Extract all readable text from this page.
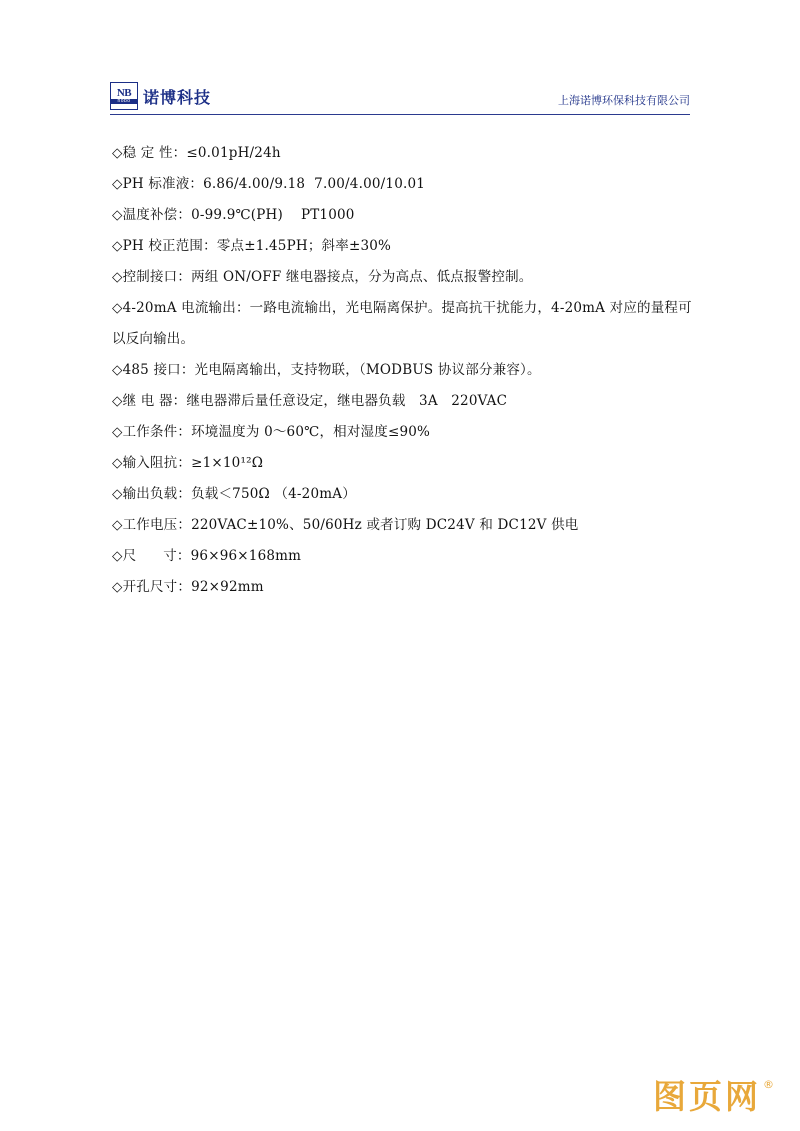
NB
nobo 诺博科技	上海诺博环保科技有限公司
◇稳 定 性：≤0.01pH/24h
◇PH 标准液：6.86/4.00/9.18  7.00/4.00/10.01
◇温度补偿：0-99.9℃(PH)    PT1000
◇PH 校正范围：零点±1.45PH；斜率±30%
◇控制接口：两组 ON/OFF 继电器接点，分为高点、低点报警控制。
◇4-20mA 电流输出：一路电流输出，光电隔离保护。提高抗干扰能力，4-20mA 对应的量程可以反向输出。
◇485 接口：光电隔离输出，支持物联，（MODBUS 协议部分兼容）。
◇继 电 器：继电器滞后量任意设定，继电器负载   3A   220VAC
◇工作条件：环境温度为 0～60℃，相对湿度≤90%
◇输入阻抗：≥1×10¹²Ω
◇输出负载：负载＜750Ω （4-20mA）
◇工作电压：220VAC±10%、50/60Hz 或者订购 DC24V 和 DC12V 供电
◇尺      寸：96×96×168mm
◇开孔尺寸：92×92mm
图页网 ®
